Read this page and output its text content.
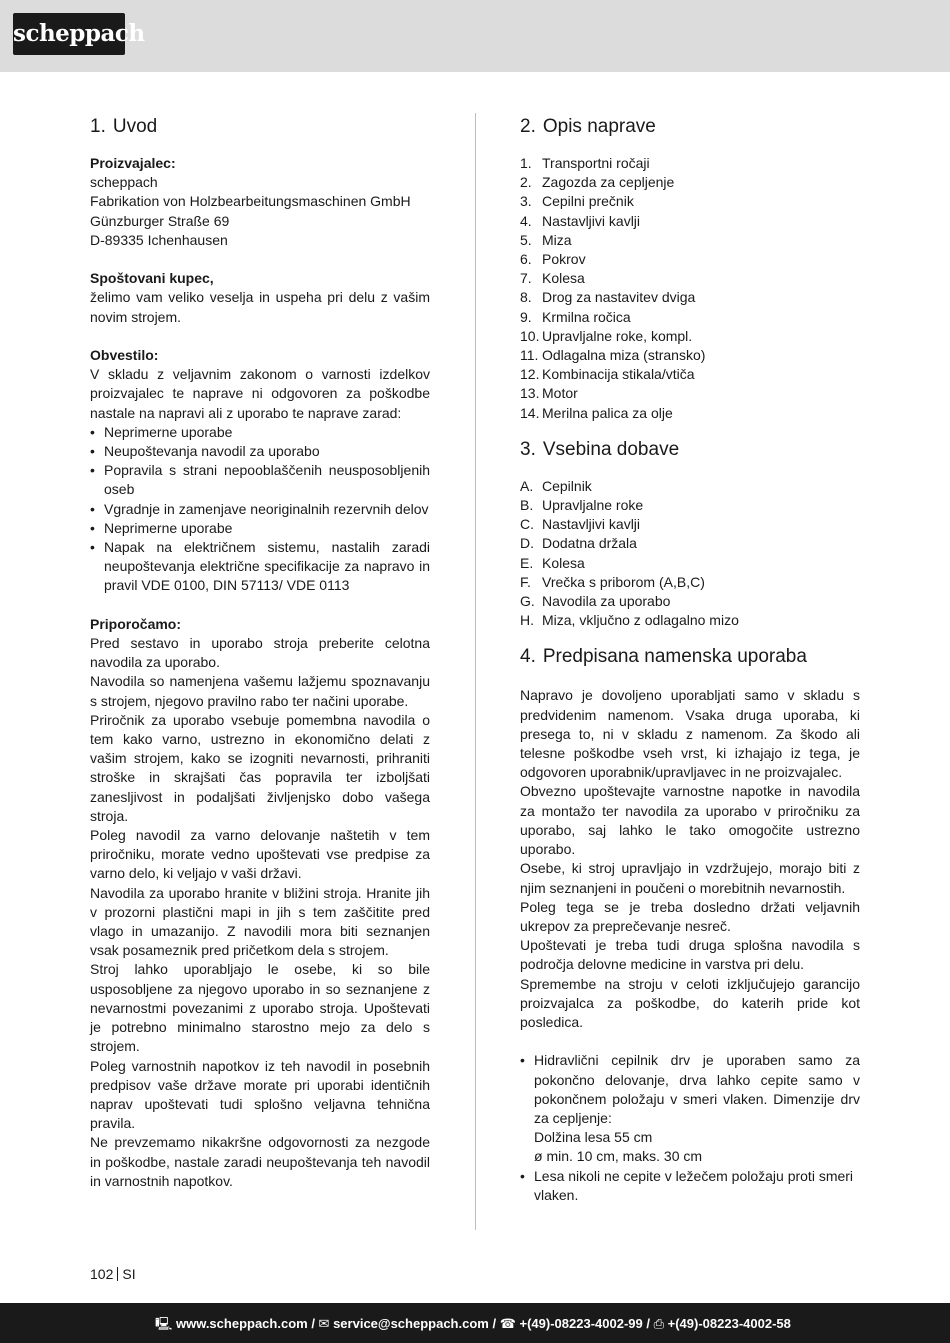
scheppach
1. Uvod
Proizvajalec:
scheppach
Fabrikation von Holzbearbeitungsmaschinen GmbH
Günzburger Straße 69
D-89335 Ichenhausen
Spoštovani kupec,

želimo vam veliko veselja in uspeha pri delu z vašim novim strojem.

Obvestilo:

V skladu z veljavnim zakonom o varnosti izdelkov proizvajalec te naprave ni odgovoren za poškodbe nastale na napravi ali z uporabo te naprave zarad:

• Neprimerne uporabe
• Neupoštevanja navodil za uporabo
• Popravila s strani nepooblaščenih neusposobljenih oseb
• Vgradnje in zamenjave neoriginalnih rezervnih delov
• Neprimerne uporabe
• Napak na električnem sistemu, nastalih zaradi neupoštevanja električne specifikacije za napravo in pravil VDE 0100, DIN 57113/ VDE 0113
Priporočamo:

Pred sestavo in uporabo stroja preberite celotna navodila za uporabo.

Navodila so namenjena vašemu lažjemu spoznavanju s strojem, njegovo pravilno rabo ter načini uporabe.

Priročnik za uporabo vsebuje pomembna navodila o tem kako varno, ustrezno in ekonomično delati z vašim strojem, kako se izogniti nevarnosti, prihraniti stroške in skrajšati čas popravila ter izboljšati zanesljivost in podaljšati življenjsko dobo vašega stroja.

Poleg navodil za varno delovanje naštetih v tem priročniku, morate vedno upoštevati vse predpise za varno delo, ki veljajo v vaši državi.

Navodila za uporabo hranite v bližini stroja. Hranite jih v prozorni plastični mapi in jih s tem zaščitite pred vlago in umazanijo. Z navodili mora biti seznanjen vsak posameznik pred pričetkom dela s strojem.

Stroj lahko uporabljajo le osebe, ki so bile usposobljene za njegovo uporabo in so seznanjene z nevarnostmi povezanimi z uporabo stroja. Upoštevati je potrebno minimalno starostno mejo za delo s strojem.

Poleg varnostnih napotkov iz teh navodil in posebnih predpisov vaše države morate pri uporabi identičnih naprav upoštevati tudi splošno veljavna tehnična pravila.

Ne prevzemamo nikakršne odgovornosti za nezgode in poškodbe, nastale zaradi neupoštevanja teh navodil in varnostnih napotkov.

2. Opis naprave
1. Transportni ročaji
2. Zagozda za cepljenje
3. Cepilni prečnik
4. Nastavljivi kavlji
5. Miza
6. Pokrov
7. Kolesa
8. Drog za nastavitev dviga
9. Krmilna ročica
10. Upravljalne roke, kompl.
11. Odlagalna miza (stransko)
12. Kombinacija stikala/vtiča
13. Motor
14. Merilna palica za olje
3. Vsebina dobave
A. Cepilnik
B. Upravljalne roke
C. Nastavljivi kavlji
D. Dodatna držala
E. Kolesa
F. Vrečka s priborom (A,B,C)
G. Navodila za uporabo
H. Miza, vključno z odlagalno mizo
4. Predpisana namenska uporaba

Napravo je dovoljeno uporabljati samo v skladu s predvidenim namenom. Vsaka druga uporaba, ki presega to, ni v skladu z namenom. Za škodo ali telesne poškodbe vseh vrst, ki izhajajo iz tega, je odgovoren uporabnik/upravljavec in ne proizvajalec.

Obvezno upoštevajte varnostne napotke in navodila za montažo ter navodila za uporabo v priročniku za uporabo, saj lahko le tako omogočite ustrezno uporabo.

Osebe, ki stroj upravljajo in vzdržujejo, morajo biti z njim seznanjeni in poučeni o morebitnih nevarnostih.

Poleg tega se je treba dosledno držati veljavnih ukrepov za preprečevanje nesreč.

Upoštevati je treba tudi druga splošna navodila s področja delovne medicine in varstva pri delu.

Spremembe na stroju v celoti izključujejo garancijo proizvajalca za poškodbe, do katerih pride kot posledica.

• Hidravlični cepilnik drv je uporaben samo za pokončno delovanje, drva lahko cepite samo v pokončnem položaju v smeri vlaken. Dimenzije drv za cepljenje:
Dolžina lesa 55 cm
ø min. 10 cm, maks. 30 cm
• Lesa nikoli ne cepite v ležečem položaju proti smeri vlaken.
102 SI
🖳︎ www.scheppach.com / ✉︎ service@scheppach.com / ☎︎ +(49)-08223-4002-99 / ⎙ +(49)-08223-4002-58
